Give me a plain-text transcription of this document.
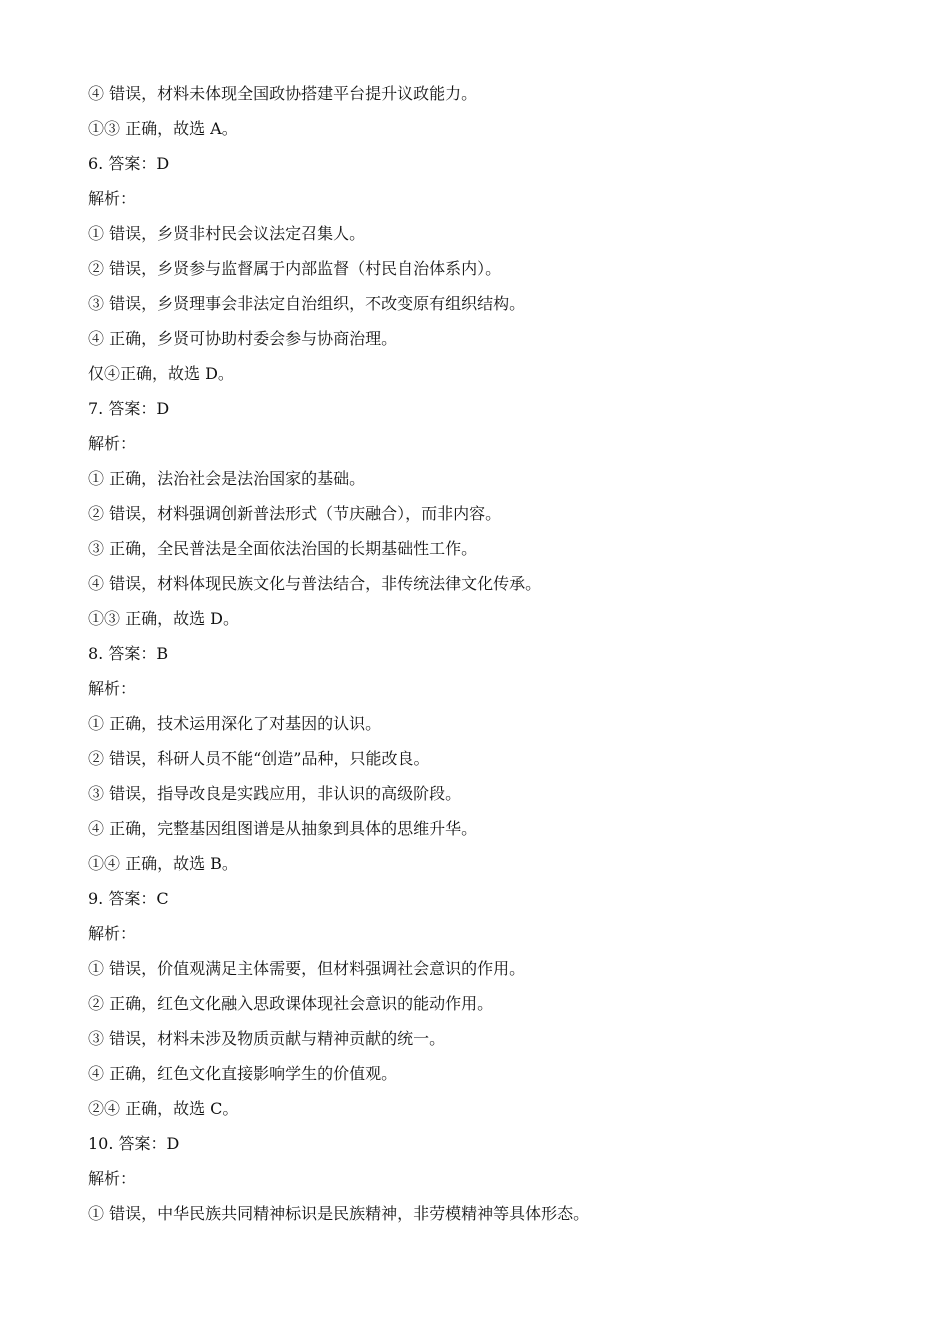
④ 错误，材料未体现全国政协搭建平台提升议政能力。
①③ 正确，故选 A。
6. 答案：D
解析：
① 错误，乡贤非村民会议法定召集人。
② 错误，乡贤参与监督属于内部监督（村民自治体系内）。
③ 错误，乡贤理事会非法定自治组织，不改变原有组织结构。
④ 正确，乡贤可协助村委会参与协商治理。
仅④正确，故选 D。
7. 答案：D
解析：
① 正确，法治社会是法治国家的基础。
② 错误，材料强调创新普法形式（节庆融合），而非内容。
③ 正确，全民普法是全面依法治国的长期基础性工作。
④ 错误，材料体现民族文化与普法结合，非传统法律文化传承。
①③ 正确，故选 D。
8. 答案：B
解析：
① 正确，技术运用深化了对基因的认识。
② 错误，科研人员不能“创造”品种，只能改良。
③ 错误，指导改良是实践应用，非认识的高级阶段。
④ 正确，完整基因组图谱是从抽象到具体的思维升华。
①④ 正确，故选 B。
9. 答案：C
解析：
① 错误，价值观满足主体需要，但材料强调社会意识的作用。
② 正确，红色文化融入思政课体现社会意识的能动作用。
③ 错误，材料未涉及物质贡献与精神贡献的统一。
④ 正确，红色文化直接影响学生的价值观。
②④ 正确，故选 C。
10. 答案：D
解析：
① 错误，中华民族共同精神标识是民族精神，非劳模精神等具体形态。
